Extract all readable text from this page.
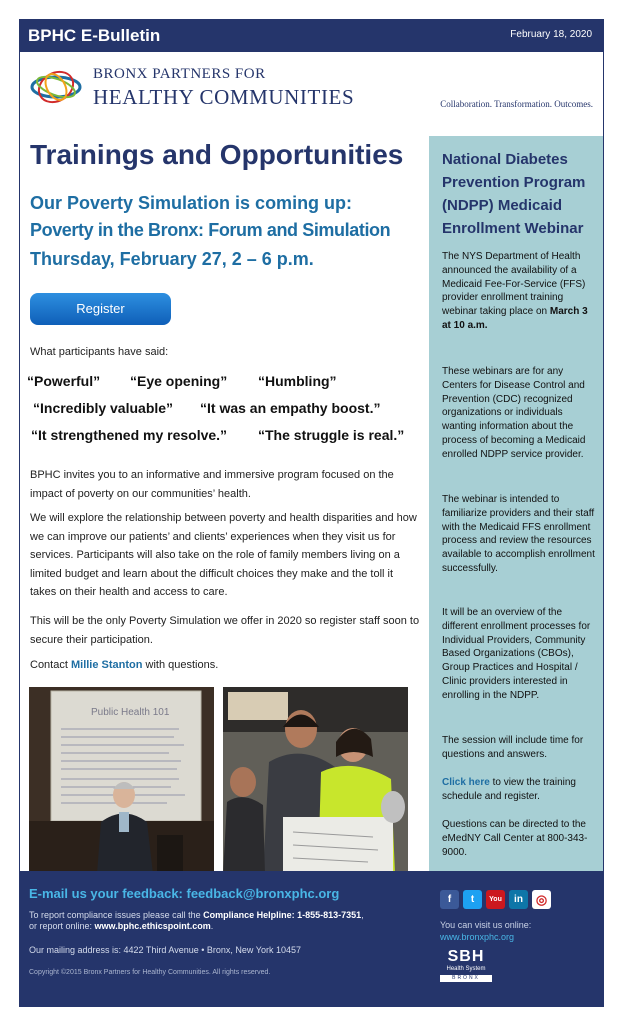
BPHC E-Bulletin	February 18, 2020
BRONX PARTNERS FOR
HEALTHY COMMUNITIES	Collaboration. Transformation. Outcomes.
Trainings and Opportunities
Our Poverty Simulation is coming up:
Poverty in the Bronx: Forum and Simulation
Thursday, February 27, 2 – 6 p.m.
Register
What participants have said:
“Powerful” “Eye opening” “Humbling”
“Incredibly valuable” “It was an empathy boost.”
“It strengthened my resolve.” “The struggle is real.”
BPHC invites you to an informative and immersive program focused on the impact of poverty on our communities’ health.
We will explore the relationship between poverty and health disparities and how we can improve our patients’ and clients’ experiences when they visit us for services. Participants will also take on the role of family members living on a limited budget and learn about the difficult choices they make and the toll it takes on their health and access to care.
This will be the only Poverty Simulation we offer in 2020 so register staff soon to secure their participation.
Contact Millie Stanton with questions.
Public Health 101
National Diabetes Prevention Program (NDPP) Medicaid Enrollment Webinar
The NYS Department of Health announced the availability of a Medicaid Fee-For-Service (FFS) provider enrollment training webinar taking place on March 3 at 10 a.m.
These webinars are for any Centers for Disease Control and Prevention (CDC) recognized organizations or individuals wanting information about the process of becoming a Medicaid enrolled NDPP service provider.
The webinar is intended to familiarize providers and their staff with the Medicaid FFS enrollment process and review the resources available to accomplish enrollment successfully.
It will be an overview of the different enrollment processes for Individual Providers, Community Based Organizations (CBOs), Group Practices and Hospital / Clinic providers interested in enrolling in the NDPP.
The session will include time for questions and answers.
Click here to view the training schedule and register.
Questions can be directed to the eMedNY Call Center at 800-343-9000.
E-mail us your feedback: feedback@bronxphc.org
To report compliance issues please call the Compliance Helpline: 1-855-813-7351,
or report online: www.bphc.ethicspoint.com.
Our mailing address is: 4422 Third Avenue • Bronx, New York 10457
Copyright ©2015 Bronx Partners for Healthy Communities. All rights reserved.
f	t	You	in ◎
You can visit us online:
www.bronxphc.org
SBH
Health System
BRONX
